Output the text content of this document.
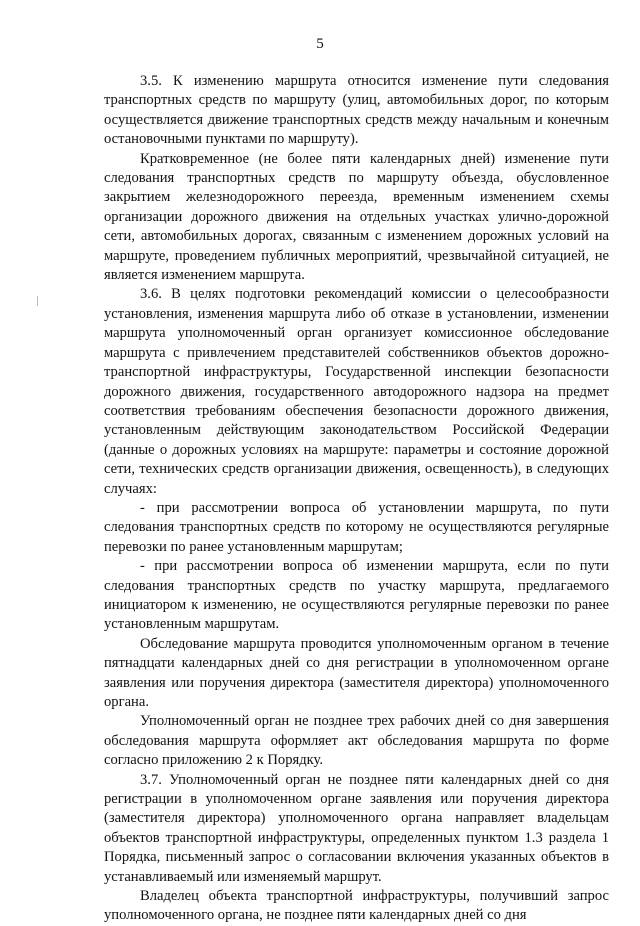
5

3.5. К изменению маршрута относится изменение пути следования транспортных средств по маршруту (улиц, автомобильных дорог, по которым осуществляется движение транспортных средств между начальным и конечным остановочными пунктами по маршруту).

Кратковременное (не более пяти календарных дней) изменение пути следования транспортных средств по маршруту объезда, обусловленное закрытием железнодорожного переезда, временным изменением схемы организации дорожного движения на отдельных участках улично-дорожной сети, автомобильных дорогах, связанным с изменением дорожных условий на маршруте, проведением публичных мероприятий, чрезвычайной ситуацией, не является изменением маршрута.

3.6. В целях подготовки рекомендаций комиссии о целесообразности установления, изменения маршрута либо об отказе в установлении, изменении маршрута уполномоченный орган организует комиссионное обследование маршрута с привлечением представителей собственников объектов дорожно-транспортной инфраструктуры, Государственной инспекции безопасности дорожного движения, государственного автодорожного надзора на предмет соответствия требованиям обеспечения безопасности дорожного движения, установленным действующим законодательством Российской Федерации (данные о дорожных условиях на маршруте: параметры и состояние дорожной сети, технических средств организации движения, освещенность), в следующих случаях:

- при рассмотрении вопроса об установлении маршрута, по пути следования транспортных средств по которому не осуществляются регулярные перевозки по ранее установленным маршрутам;

- при рассмотрении вопроса об изменении маршрута, если по пути следования транспортных средств по участку маршрута, предлагаемого инициатором к изменению, не осуществляются регулярные перевозки по ранее установленным маршрутам.

Обследование маршрута проводится уполномоченным органом в течение пятнадцати календарных дней со дня регистрации в уполномоченном органе заявления или поручения директора (заместителя директора) уполномоченного органа.

Уполномоченный орган не позднее трех рабочих дней со дня завершения обследования маршрута оформляет акт обследования маршрута по форме согласно приложению 2 к Порядку.

3.7. Уполномоченный орган не позднее пяти календарных дней со дня регистрации в уполномоченном органе заявления или поручения директора (заместителя директора) уполномоченного органа направляет владельцам объектов транспортной инфраструктуры, определенных пунктом 1.3 раздела 1 Порядка, письменный запрос о согласовании включения указанных объектов в устанавливаемый или изменяемый маршрут.

Владелец объекта транспортной инфраструктуры, получивший запрос уполномоченного органа, не позднее пяти календарных дней со дня
